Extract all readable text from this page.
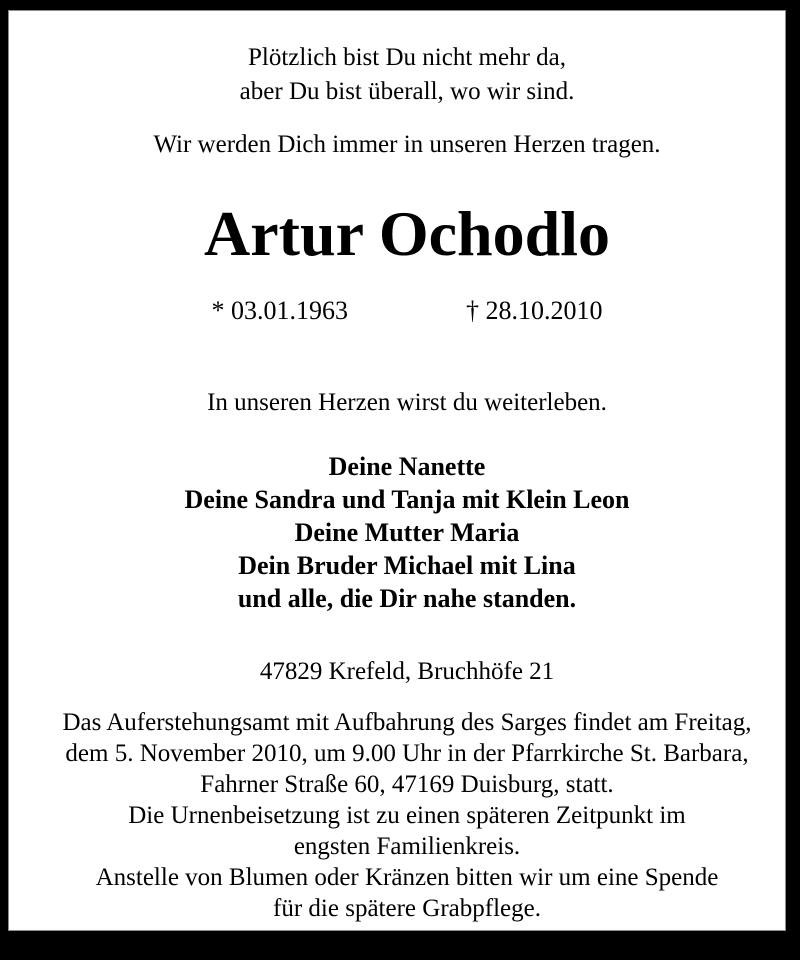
Plötzlich bist Du nicht mehr da,
aber Du bist überall, wo wir sind.
Wir werden Dich immer in unseren Herzen tragen.
Artur Ochodlo
* 03.01.1963	† 28.10.2010
In unseren Herzen wirst du weiterleben.
Deine Nanette
Deine Sandra und Tanja mit Klein Leon
Deine Mutter Maria
Dein Bruder Michael mit Lina
und alle, die Dir nahe standen.
47829 Krefeld, Bruchhöfe 21
Das Auferstehungsamt mit Aufbahrung des Sarges findet am Freitag,
dem 5. November 2010, um 9.00 Uhr in der Pfarrkirche St. Barbara,
Fahrner Straße 60, 47169 Duisburg, statt.
Die Urnenbeisetzung ist zu einen späteren Zeitpunkt im
engsten Familienkreis.
Anstelle von Blumen oder Kränzen bitten wir um eine Spende
für die spätere Grabpflege.
